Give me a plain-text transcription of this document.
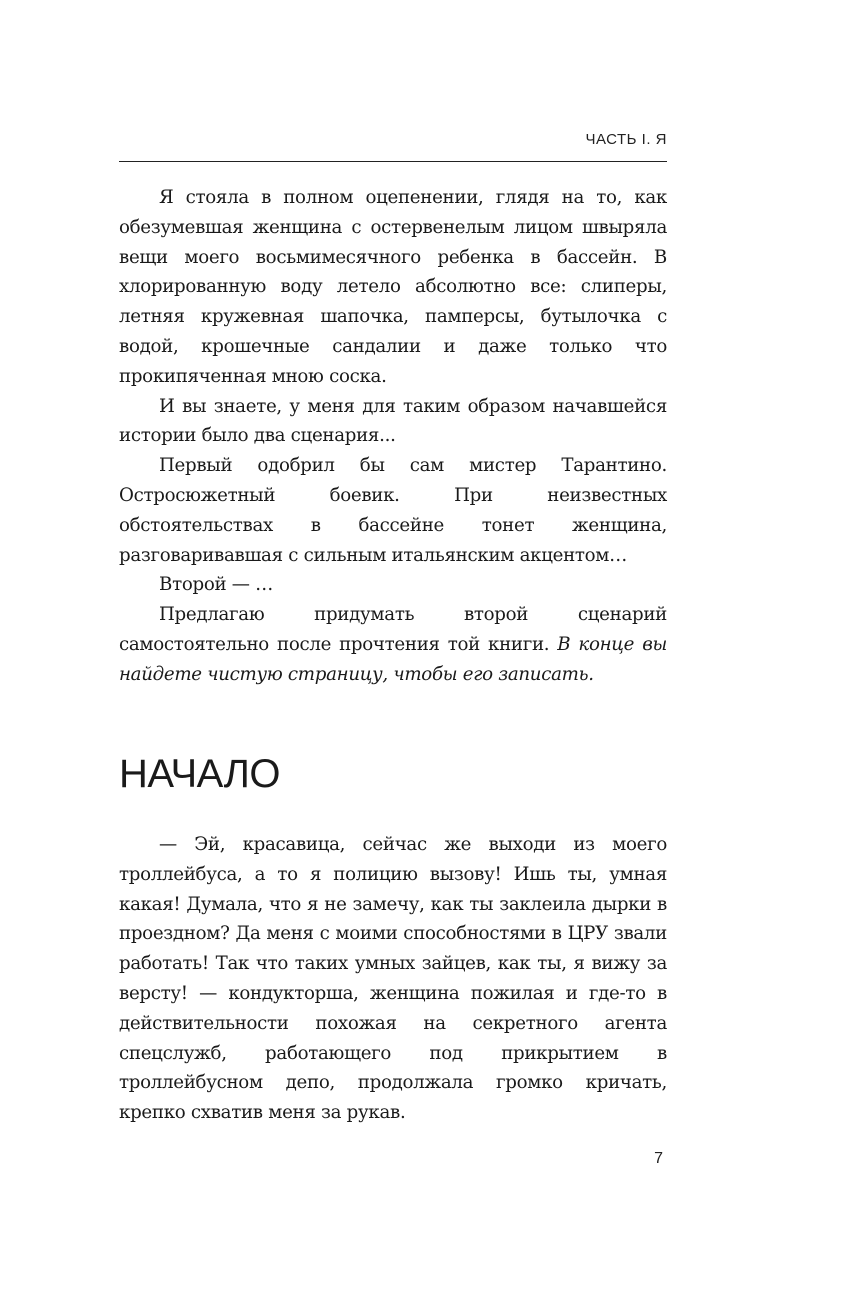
ЧАСТЬ I. Я

Я стояла в полном оцепенении, глядя на то, как обезумевшая женщина с остервенелым лицом швыряла вещи моего восьмимесячного ребенка в бассейн. В хлорированную воду летело абсолютно все: слиперы, летняя кружевная шапочка, памперсы, бутылочка с водой, крошечные сандалии и даже только что прокипяченная мною соска.

И вы знаете, у меня для таким образом начавшейся истории было два сценария...

Первый одобрил бы сам мистер Тарантино. Остросюжетный боевик. При неизвестных обстоятельствах в бассейне тонет женщина, разговаривавшая с сильным итальянским акцентом…

Второй — …

Предлагаю придумать второй сценарий самостоятельно после прочтения той книги. В конце вы найдете чистую страницу, чтобы его записать.

НАЧАЛО

— Эй, красавица, сейчас же выходи из моего троллейбуса, а то я полицию вызову! Ишь ты, умная какая! Думала, что я не замечу, как ты заклеила дырки в проездном? Да меня с моими способностями в ЦРУ звали работать! Так что таких умных зайцев, как ты, я вижу за версту! — кондукторша, женщина пожилая и где-то в действительности похожая на секретного агента спецслужб, работающего под прикрытием в троллейбусном депо, продолжала громко кричать, крепко схватив меня за рукав.

7
